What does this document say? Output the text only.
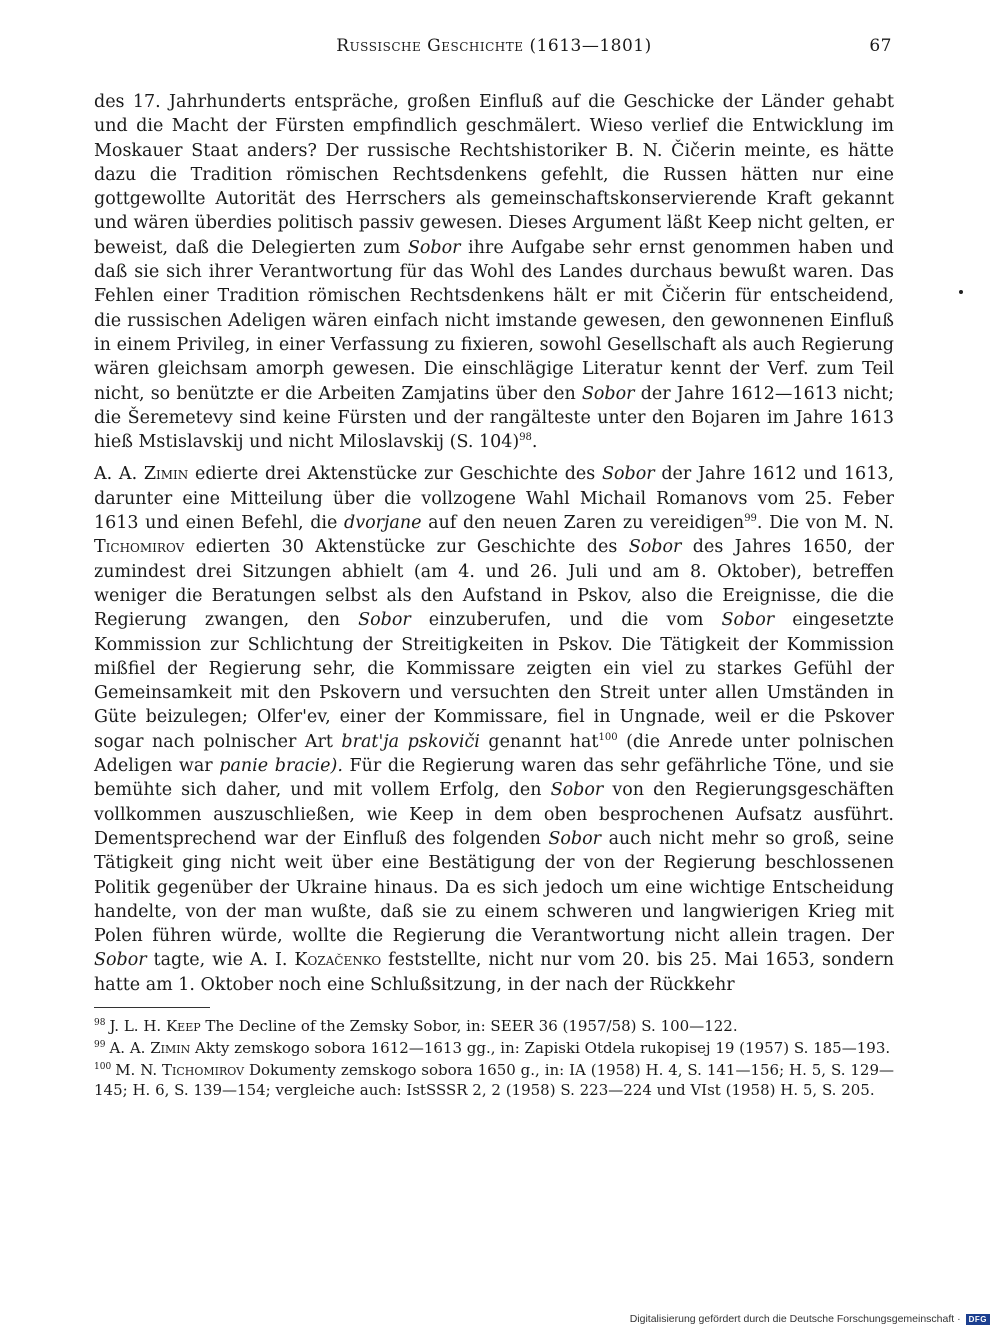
Russische Geschichte (1613—1801)	67

des 17. Jahrhunderts entspräche, großen Einfluß auf die Geschicke der Länder gehabt und die Macht der Fürsten empfindlich geschmälert. Wieso verlief die Entwicklung im Moskauer Staat anders? Der russische Rechtshistoriker B. N. Čičerin meinte, es hätte dazu die Tradition römischen Rechtsdenkens gefehlt, die Russen hätten nur eine gottgewollte Autorität des Herrschers als gemeinschaftskonservierende Kraft gekannt und wären überdies politisch passiv gewesen. Dieses Argument läßt Keep nicht gelten, er beweist, daß die Delegierten zum Sobor ihre Aufgabe sehr ernst genommen haben und daß sie sich ihrer Verantwortung für das Wohl des Landes durchaus bewußt waren. Das Fehlen einer Tradition römischen Rechtsdenkens hält er mit Čičerin für entscheidend, die russischen Adeligen wären einfach nicht imstande gewesen, den gewonnenen Einfluß in einem Privileg, in einer Verfassung zu fixieren, sowohl Gesellschaft als auch Regierung wären gleichsam amorph gewesen. Die einschlägige Literatur kennt der Verf. zum Teil nicht, so benützte er die Arbeiten Zamjatins über den Sobor der Jahre 1612—1613 nicht; die Šeremetevy sind keine Fürsten und der rangälteste unter den Bojaren im Jahre 1613 hieß Mstislavskij und nicht Miloslavskij (S. 104)$^{98}$.

A. A. Zimin edierte drei Aktenstücke zur Geschichte des Sobor der Jahre 1612 und 1613, darunter eine Mitteilung über die vollzogene Wahl Michail Romanovs vom 25. Feber 1613 und einen Befehl, die dvorjane auf den neuen Zaren zu vereidigen$^{99}$. Die von M. N. Tichomirov edierten 30 Aktenstücke zur Geschichte des Sobor des Jahres 1650, der zumindest drei Sitzungen abhielt (am 4. und 26. Juli und am 8. Oktober), betreffen weniger die Beratungen selbst als den Aufstand in Pskov, also die Ereignisse, die die Regierung zwangen, den Sobor einzuberufen, und die vom Sobor eingesetzte Kommission zur Schlichtung der Streitigkeiten in Pskov. Die Tätigkeit der Kommission mißfiel der Regierung sehr, die Kommissare zeigten ein viel zu starkes Gefühl der Gemeinsamkeit mit den Pskovern und versuchten den Streit unter allen Umständen in Güte beizulegen; Olfer'ev, einer der Kommissare, fiel in Ungnade, weil er die Pskover sogar nach polnischer Art brat'ja pskoviči genannt hat$^{100}$ (die Anrede unter polnischen Adeligen war panie bracie). Für die Regierung waren das sehr gefährliche Töne, und sie bemühte sich daher, und mit vollem Erfolg, den Sobor von den Regierungsgeschäften vollkommen auszuschließen, wie Keep in dem oben besprochenen Aufsatz ausführt. Dementsprechend war der Einfluß des folgenden Sobor auch nicht mehr so groß, seine Tätigkeit ging nicht weit über eine Bestätigung der von der Regierung beschlossenen Politik gegenüber der Ukraine hinaus. Da es sich jedoch um eine wichtige Entscheidung handelte, von der man wußte, daß sie zu einem schweren und langwierigen Krieg mit Polen führen würde, wollte die Regierung die Verantwortung nicht allein tragen. Der Sobor tagte, wie A. I. Kozačenko feststellte, nicht nur vom 20. bis 25. Mai 1653, sondern hatte am 1. Oktober noch eine Schlußsitzung, in der nach der Rückkehr

$^{98}$ J. L. H. Keep The Decline of the Zemsky Sobor, in: SEER 36 (1957/58) S. 100—122.

$^{99}$ A. A. Zimin Akty zemskogo sobora 1612—1613 gg., in: Zapiski Otdela rukopisej 19 (1957) S. 185—193.

$^{100}$ M. N. Tichomirov Dokumenty zemskogo sobora 1650 g., in: IA (1958) H. 4, S. 141—156; H. 5, S. 129—145; H. 6, S. 139—154; vergleiche auch: IstSSSR 2, 2 (1958) S. 223—224 und VIst (1958) H. 5, S. 205.

Digitalisierung gefördert durch die Deutsche Forschungsgemeinschaft ·	DFG
